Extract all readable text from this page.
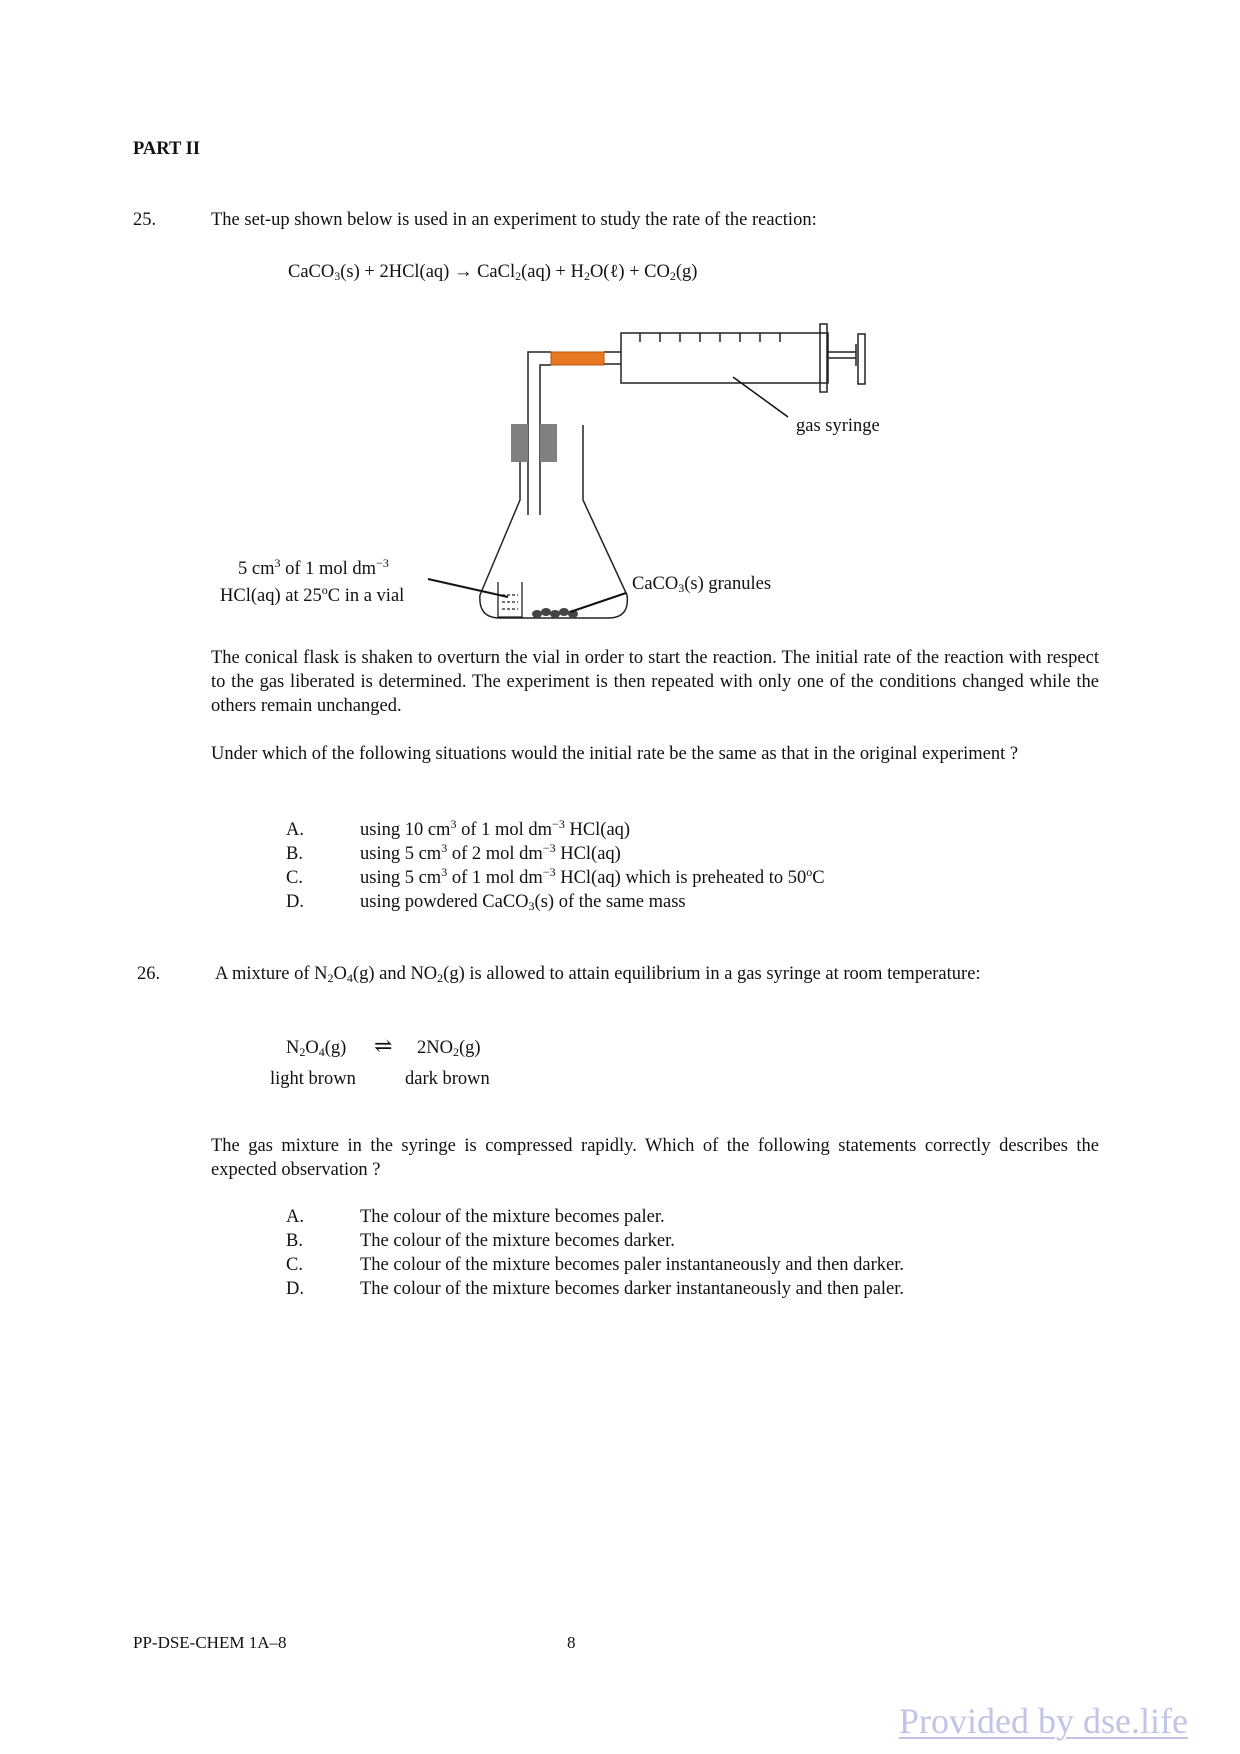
PART II
25.	The set-up shown below is used in an experiment to study the rate of the reaction:
CaCO$_3$(s) + 2HCl(aq) → CaCl$_2$(aq) + $H_2O(\ell) + CO_2(g)$
gas syringe
5 $cm^3$ of 1 mol $dm^{-3}$
HCl(aq) at 25$^o$C in a vial
CaCO$_3$(s) granules
The conical flask is shaken to overturn the vial in order to start the reaction. The initial rate of the reaction with respect to the gas liberated is determined. The experiment is then repeated with only one of the conditions changed while the others remain unchanged.
Under which of the following situations would the initial rate be the same as that in the original experiment ?
A.	using 10 $cm^3$ of 1 mol $dm^{-3}$ HCl(aq)
B.	using 5 $cm^3$ of 2 mol $dm^{-3}$ HCl(aq)
C.	using 5 $cm^3$ of 1 mol $dm^{-3}$ HCl(aq) which is preheated to 50$^o$C
D.	using powdered CaCO$_3$(s) of the same mass
26.	A mixture of $N_2O_4(g)$ and $NO_2(g)$ is allowed to attain equilibrium in a gas syringe at room temperature:
$N_2O_4(g)$ ⇌ $2NO_2(g)$
light brown	dark brown
The gas mixture in the syringe is compressed rapidly. Which of the following statements correctly describes the expected observation ?
A.	The colour of the mixture becomes paler.
B.	The colour of the mixture becomes darker.
C.	The colour of the mixture becomes paler instantaneously and then darker.
D.	The colour of the mixture becomes darker instantaneously and then paler.
PP-DSE-CHEM 1A–8	8
Provided by dse.life
